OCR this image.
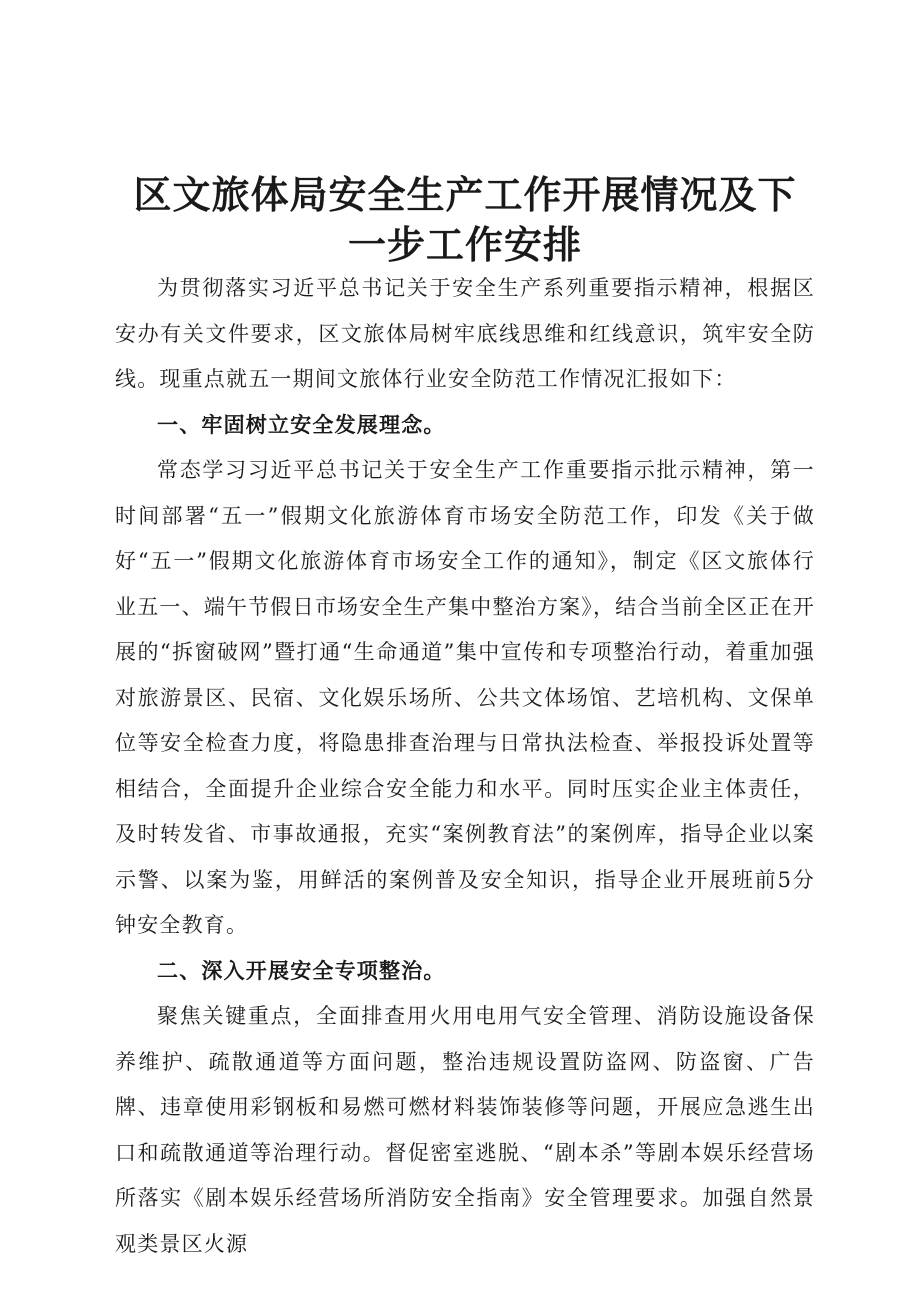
区文旅体局安全生产工作开展情况及下一步工作安排

为贯彻落实习近平总书记关于安全生产系列重要指示精神，根据区安办有关文件要求，区文旅体局树牢底线思维和红线意识，筑牢安全防线。现重点就五一期间文旅体行业安全防范工作情况汇报如下：

一、牢固树立安全发展理念。

常态学习习近平总书记关于安全生产工作重要指示批示精神，第一时间部署“五一”假期文化旅游体育市场安全防范工作，印发《关于做好“五一”假期文化旅游体育市场安全工作的通知》，制定《区文旅体行业五一、端午节假日市场安全生产集中整治方案》，结合当前全区正在开展的“拆窗破网”暨打通“生命通道”集中宣传和专项整治行动，着重加强对旅游景区、民宿、文化娱乐场所、公共文体场馆、艺培机构、文保单位等安全检查力度，将隐患排查治理与日常执法检查、举报投诉处置等相结合，全面提升企业综合安全能力和水平。同时压实企业主体责任，及时转发省、市事故通报，充实“案例教育法”的案例库，指导企业以案示警、以案为鉴，用鲜活的案例普及安全知识，指导企业开展班前5分钟安全教育。

二、深入开展安全专项整治。

聚焦关键重点，全面排查用火用电用气安全管理、消防设施设备保养维护、疏散通道等方面问题，整治违规设置防盗网、防盗窗、广告牌、违章使用彩钢板和易燃可燃材料装饰装修等问题，开展应急逃生出口和疏散通道等治理行动。督促密室逃脱、“剧本杀”等剧本娱乐经营场所落实《剧本娱乐经营场所消防安全指南》安全管理要求。加强自然景观类景区火源
